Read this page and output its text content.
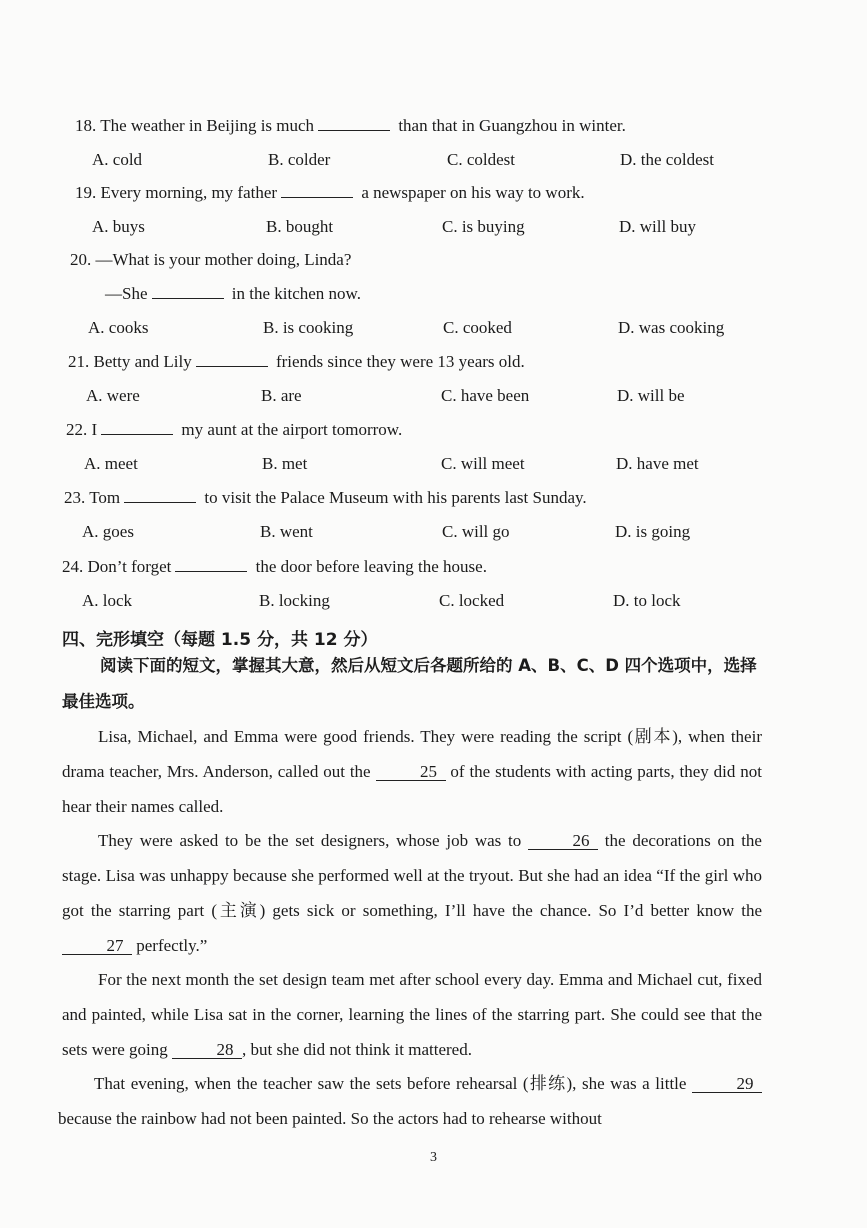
18. The weather in Beijing is much	than that in Guangzhou in winter.
A. cold	B. colder	C. coldest	D. the coldest
19. Every morning, my father	a newspaper on his way to work.
A. buys	B. bought	C. is buying	D. will buy
20. —What is your mother doing, Linda?
—She	in the kitchen now.
A. cooks	B. is cooking	C. cooked	D. was cooking
21. Betty and Lily	friends since they were 13 years old.
A. were	B. are	C. have been	D. will be
22. I	my aunt at the airport tomorrow.
A. meet	B. met	C. will meet	D. have met
23. Tom	to visit the Palace Museum with his parents last Sunday.
A. goes	B. went	C. will go	D. is going
24. Don’t forget	the door before leaving the house.
A. lock	B. locking	C. locked	D. to lock
四、完形填空（每题 1.5 分，共 12 分）
阅读下面的短文，掌握其大意，然后从短文后各题所给的 A、B、C、D 四个选项中，选择最佳选项。
Lisa, Michael, and Emma were good friends. They were reading the script (剧本), when their drama teacher, Mrs. Anderson, called out the	25 of the students with acting parts, they did not hear their names called.
They were asked to be the set designers, whose job was to	26 the decorations on the stage. Lisa was unhappy because she performed well at the tryout. But she had an idea “If the girl who got the starring part (主演) gets sick or something, I’ll have the chance. So I’d better know the 27 perfectly.”
For the next month the set design team met after school every day. Emma and Michael cut, fixed and painted, while Lisa sat in the corner, learning the lines of the starring part. She could see that the sets were going	28 , but she did not think it mattered.
That evening, when the teacher saw the sets before rehearsal (排练), she was a little	29 because the rainbow had not been painted. So the actors had to rehearse without
3
